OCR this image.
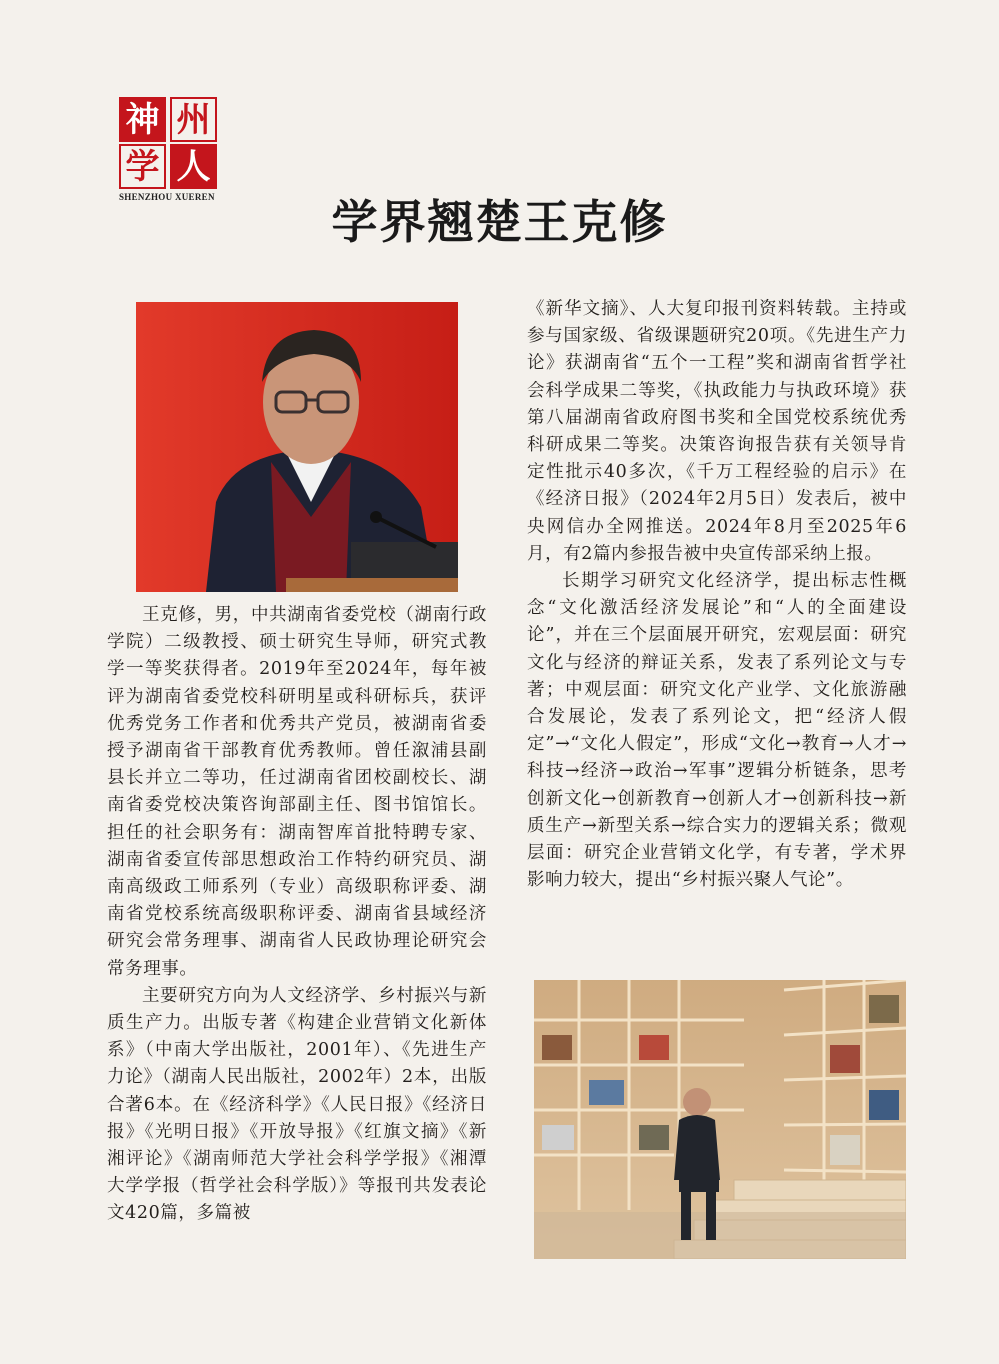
神 州
学 人
SHENZHOU XUEREN	学界翘楚王克修

王克修，男，中共湖南省委党校（湖南行政学院）二级教授、硕士研究生导师，研究式教学一等奖获得者。2019年至2024年，每年被评为湖南省委党校科研明星或科研标兵，获评优秀党务工作者和优秀共产党员，被湖南省委授予湖南省干部教育优秀教师。曾任溆浦县副县长并立二等功，任过湖南省团校副校长、湖南省委党校决策咨询部副主任、图书馆馆长。担任的社会职务有：湖南智库首批特聘专家、湖南省委宣传部思想政治工作特约研究员、湖南高级政工师系列（专业）高级职称评委、湖南省党校系统高级职称评委、湖南省县域经济研究会常务理事、湖南省人民政协理论研究会常务理事。

主要研究方向为人文经济学、乡村振兴与新质生产力。出版专著《构建企业营销文化新体系》（中南大学出版社，2001年）、《先进生产力论》（湖南人民出版社，2002年）2本，出版合著6本。在《经济科学》《人民日报》《经济日报》《光明日报》《开放导报》《红旗文摘》《新湘评论》《湖南师范大学社会科学学报》《湘潭大学学报（哲学社会科学版）》等报刊共发表论文420篇，多篇被

《新华文摘》、人大复印报刊资料转载。主持或参与国家级、省级课题研究20项。《先进生产力论》获湖南省“五个一工程”奖和湖南省哲学社会科学成果二等奖，《执政能力与执政环境》获第八届湖南省政府图书奖和全国党校系统优秀科研成果二等奖。决策咨询报告获有关领导肯定性批示40多次，《千万工程经验的启示》在《经济日报》（2024年2月5日）发表后，被中央网信办全网推送。2024年8月至2025年6月，有2篇内参报告被中央宣传部采纳上报。

长期学习研究文化经济学，提出标志性概念“文化激活经济发展论”和“人的全面建设论”，并在三个层面展开研究，宏观层面：研究文化与经济的辩证关系，发表了系列论文与专著；中观层面：研究文化产业学、文化旅游融合发展论，发表了系列论文，把“经济人假定”→“文化人假定”，形成“文化→教育→人才→科技→经济→政治→军事”逻辑分析链条，思考创新文化→创新教育→创新人才→创新科技→新质生产→新型关系→综合实力的逻辑关系；微观层面：研究企业营销文化学，有专著，学术界影响力较大，提出“乡村振兴聚人气论”。
